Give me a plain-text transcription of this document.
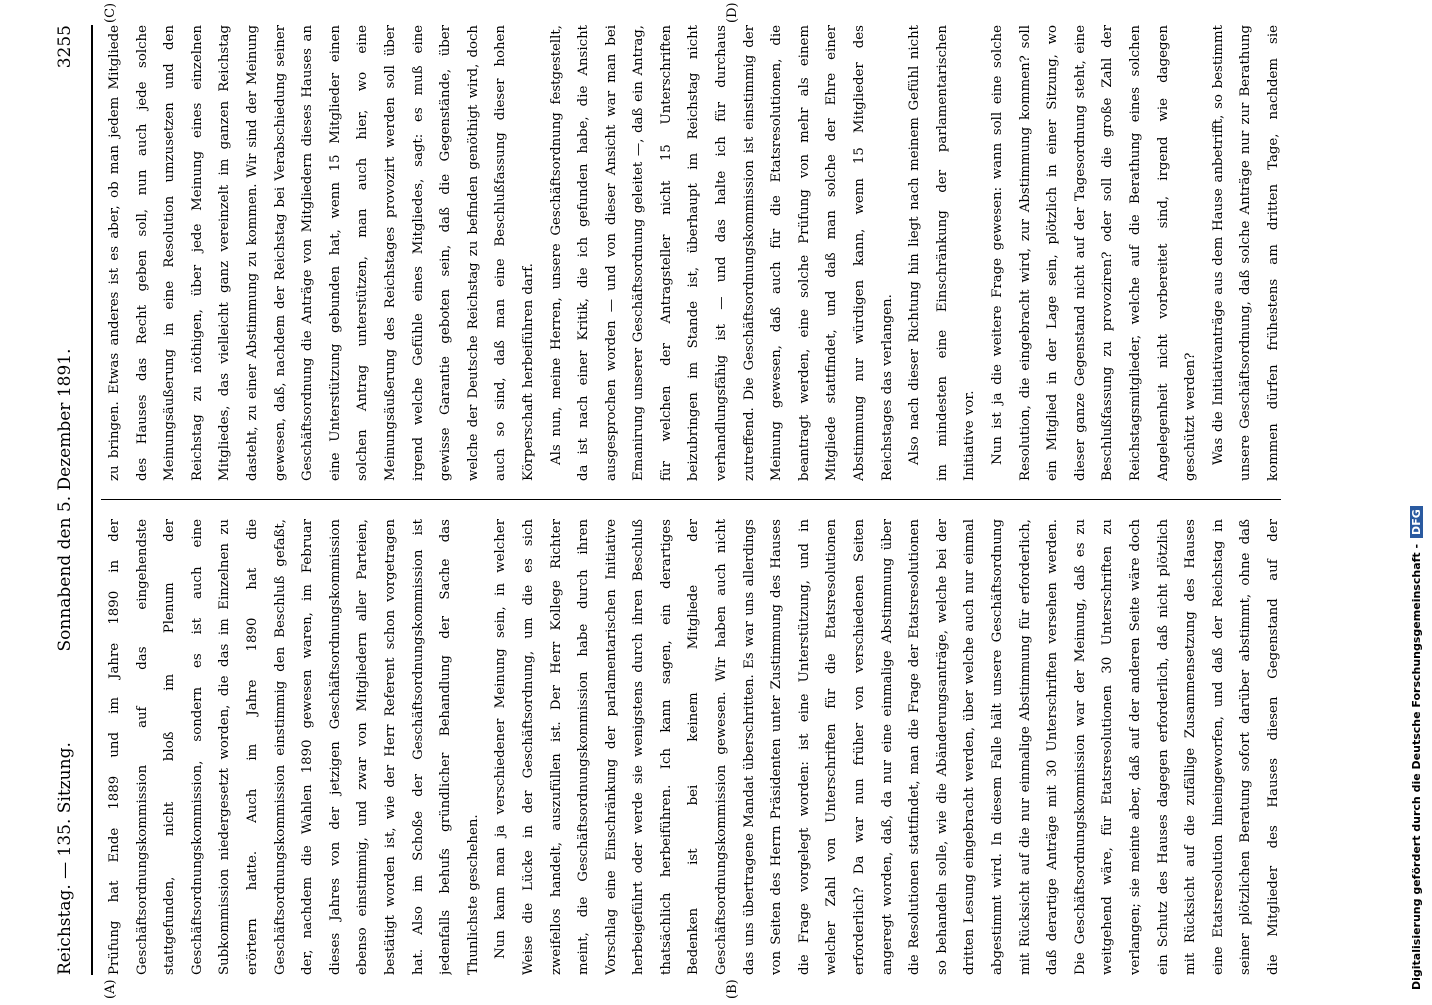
Reichstag. — 135. Sitzung.
Sonnabend den 5. Dezember 1891.
3255
(A)	(B)
(C)	(D)

Prüfung hat Ende 1889 und im Jahre 1890 in der Geschäftsordnungskommission auf das eingehendste stattgefunden, nicht bloß im Plenum der Geschäftsordnungskommission, sondern es ist auch eine Subkommission niedergesetzt worden, die das im Einzelnen zu erörtern hatte. Auch im Jahre 1890 hat die Geschäftsordnungskommission einstimmig den Beschluß gefaßt, der, nachdem die Wahlen 1890 gewesen waren, im Februar dieses Jahres von der jetzigen Geschäftsordnungskommission ebenso einstimmig, und zwar von Mitgliedern aller Parteien, bestätigt worden ist, wie der Herr Referent schon vorgetragen hat. Also im Schoße der Geschäftsordnungskommission ist jedenfalls behufs gründlicher Behandlung der Sache das Thunlichste geschehen. Nun kann man ja verschiedener Meinung sein, in welcher Weise die Lücke in der Geschäftsordnung, um die es sich zweifellos handelt, auszufüllen ist. Der Herr Kollege Richter meint, die Geschäftsordnungskommission habe durch ihren Vorschlag eine Einschränkung der parlamentarischen Initiative herbeigeführt oder werde sie wenigstens durch ihren Beschluß thatsächlich herbeiführen. Ich kann sagen, ein derartiges Bedenken ist bei keinem Mitgliede der Geschäftsordnungskommission gewesen. Wir haben auch nicht das uns übertragene Mandat überschritten. Es war uns allerdings von Seiten des Herrn Präsidenten unter Zustimmung des Hauses die Frage vorgelegt worden: ist eine Unterstützung, und in welcher Zahl von Unterschriften für die Etatsresolutionen erforderlich? Da war nun früher von verschiedenen Seiten angeregt worden, daß, da nur eine einmalige Abstimmung über die Resolutionen stattfindet, man die Frage der Etatsresolutionen so behandeln solle, wie die Abänderungsanträge, welche bei der dritten Lesung eingebracht werden, über welche auch nur einmal abgestimmt wird. In diesem Falle hält unsere Geschäftsordnung mit Rücksicht auf die nur einmalige Abstimmung für erforderlich, daß derartige Anträge mit 30 Unterschriften versehen werden. Die Geschäftsordnungskommission war der Meinung, daß es zu weitgehend wäre, für Etatsresolutionen 30 Unterschriften zu verlangen; sie meinte aber, daß auf der anderen Seite wäre doch ein Schutz des Hauses dagegen erforderlich, daß nicht plötzlich mit Rücksicht auf die zufällige Zusammensetzung des Hauses eine Etatsresolution hineingeworfen, und daß der Reichstag in seiner plötzlichen Beratung sofort darüber abstimmt, ohne daß die Mitglieder des Hauses diesen Gegenstand auf der

zu bringen. Etwas anderes ist es aber, ob man jedem Mitgliede des Hauses das Recht geben soll, nun auch jede solche Meinungsäußerung in eine Resolution umzusetzen und den Reichstag zu nöthigen, über jede Meinung eines einzelnen Mitgliedes, das vielleicht ganz vereinzelt im ganzen Reichstag dasteht, zu einer Abstimmung zu kommen. Wir sind der Meinung gewesen, daß, nachdem der Reichstag bei Verabschiedung seiner Geschäftsordnung die Anträge von Mitgliedern dieses Hauses an eine Unterstützung gebunden hat, wenn 15 Mitglieder einen solchen Antrag unterstützen, man auch hier, wo eine Meinungsäußerung des Reichstages provozirt werden soll über irgend welche Gefühle eines Mitgliedes, sagt: es muß eine gewisse Garantie geboten sein, daß die Gegenstände, über welche der Deutsche Reichstag zu befinden genöthigt wird, doch auch so sind, daß man eine Beschlußfassung dieser hohen Körperschaft herbeiführen darf. Als nun, meine Herren, unsere Geschäftsordnung festgestellt, da ist nach einer Kritik, die ich gefunden habe, die Ansicht ausgesprochen worden — und von dieser Ansicht war man bei Emanirung unserer Geschäftsordnung geleitet —, daß ein Antrag, für welchen der Antragsteller nicht 15 Unterschriften beizubringen im Stande ist, überhaupt im Reichstag nicht verhandlungsfähig ist — und das halte ich für durchaus zutreffend. Die Geschäftsordnungskommission ist einstimmig der Meinung gewesen, daß auch für die Etatsresolutionen, die beantragt werden, eine solche Prüfung von mehr als einem Mitgliede stattfindet, und daß man solche der Ehre einer Abstimmung nur würdigen kann, wenn 15 Mitglieder des Reichstages das verlangen. Also nach dieser Richtung hin liegt nach meinem Gefühl nicht im mindesten eine Einschränkung der parlamentarischen Initiative vor. Nun ist ja die weitere Frage gewesen: wann soll eine solche Resolution, die eingebracht wird, zur Abstimmung kommen? soll ein Mitglied in der Lage sein, plötzlich in einer Sitzung, wo dieser ganze Gegenstand nicht auf der Tagesordnung steht, eine Beschlußfassung zu provoziren? oder soll die große Zahl der Reichstagsmitglieder, welche auf die Berathung eines solchen Angelegenheit nicht vorbereitet sind, irgend wie dagegen geschützt werden? Was die Initiativanträge aus dem Hause anbetrifft, so bestimmt unsere Geschäftsordnung, daß solche Anträge nur zur Berathung kommen dürfen frühestens am dritten Tage, nachdem sie

Digitalisierung gefördert durch die Deutsche Forschungsgemeinschaft -DFG
